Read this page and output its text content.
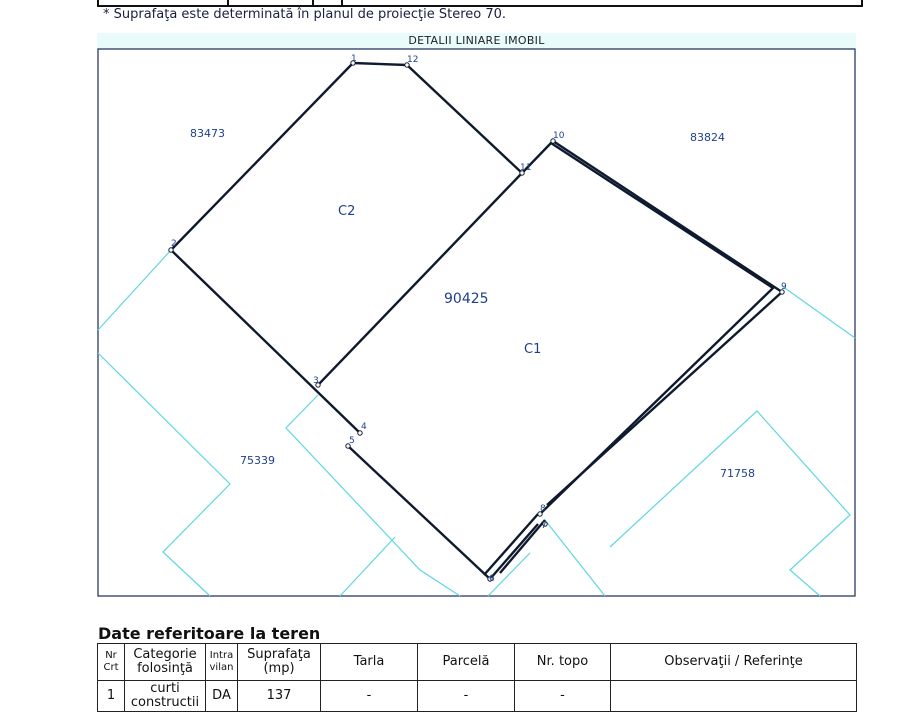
* Suprafaţa este determinată în planul de proiecţie Stereo 70.
DETALII LINIARE IMOBIL
1
2
3
4
5
6
7
8
9
10
11
12
83473	83824
75339
71758
C2
C1
90425
Date referitoare la teren
Nr Crt	Categorie folosinţă	Intra vilan	Suprafaţa (mp)	Tarla	Parcelă	Nr. topo	Observaţii / Referinţe
1	curti constructii	DA	137	-	-	-	
